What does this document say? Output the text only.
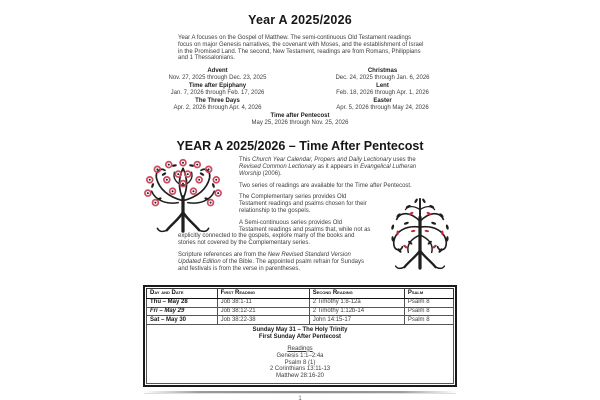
Year A 2025/2026

Year A focuses on the Gospel of Matthew. The semi-continuous Old Testament readings focus on major Genesis narratives, the covenant with Moses, and the establishment of Israel in the Promised Land. The second, New Testament, readings are from Romans, Philippians and 1 Thessalonians.

Advent
Nov. 27, 2025 through Dec. 23, 2025
Christmas
Dec. 24, 2025 through Jan. 6, 2026
Time after Epiphany
Jan. 7, 2026 through Feb. 17, 2026
Lent
Feb. 18, 2026 through Apr. 1, 2026
The Three Days
Apr. 2, 2026 through Apr. 4, 2026
Easter
Apr. 5, 2026 through May 24, 2026
Time after Pentecost
May 25, 2026 through Nov. 25, 2026
YEAR A 2025/2026 – Time After Pentecost

This Church Year Calendar, Propers and Daily Lectionary uses the Revised Common Lectionary as it appears in Evangelical Lutheran Worship (2006).

Two series of readings are available for the Time after Pentecost.

The Complementary series provides Old Testament readings and psalms chosen for their relationship to the gospels.

A Semi-continuous series provides Old Testament readings and psalms that, while not as explicitly connected to the gospels, explore many of the books and stories not covered by the Complementary series.

Scripture references are from the New Revised Standard Version Updated Edition of the Bible. The appointed psalm refrain for Sundays and festivals is from the verse in parentheses.

Day and Date	First Reading	Second Reading	Psalm
Thu – May 28	Job 38:1-11	2 Timothy 1:8-12a	Psalm 8
Fri – May 29	Job 38:12-21	2 Timothy 1:12b-14	Psalm 8
Sat – May 30	Job 38:22-38	John 14:15-17	Psalm 8

Sunday May 31 – The Holy Trinity
First Sunday After Pentecost
Readings
Genesis 1:1–2:4a
Psalm 8 (1)
2 Corinthians 13:11-13
Matthew 28:16-20
1
